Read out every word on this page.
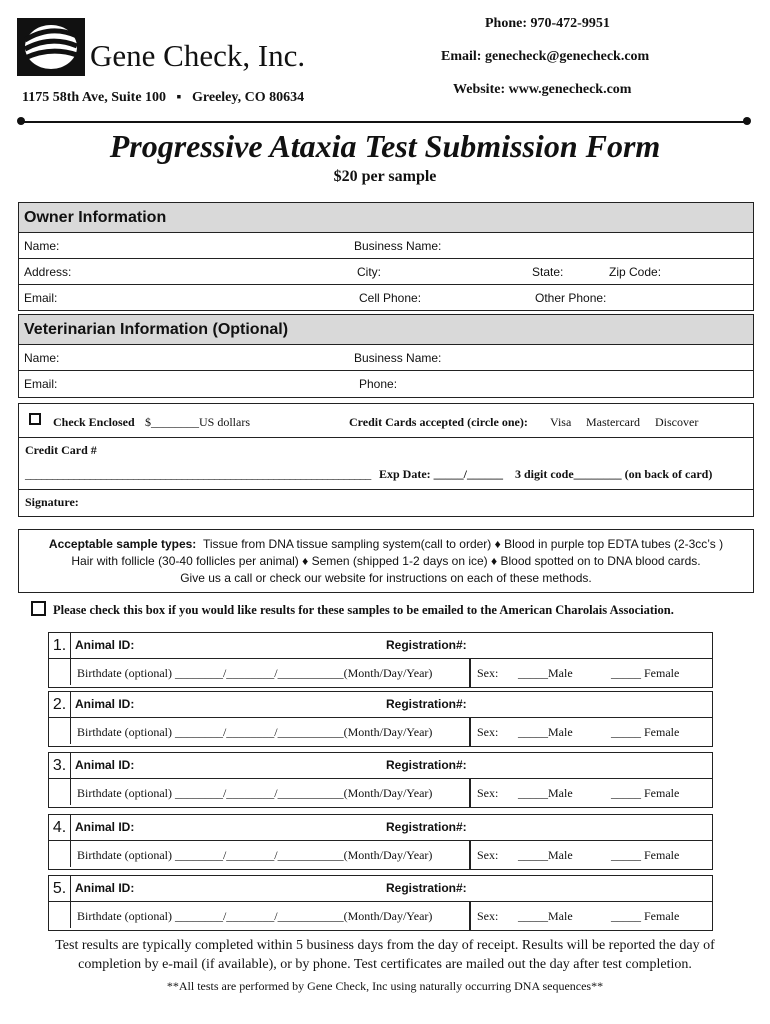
Gene Check, Inc.
1175 58th Ave, Suite 100 ▪ Greeley, CO 80634
Phone: 970-472-9951
Email: genecheck@genecheck.com
Website: www.genecheck.com
Progressive Ataxia Test Submission Form
$20 per sample
Owner Information
Name:	Business Name:
Address:	City:	State:	Zip Code:
Email:	Cell Phone:	Other Phone:
Veterinarian Information (Optional)
Name:	Business Name:
Email:	Phone:
Check Enclosed $________US dollars	Credit Cards accepted (circle one): Visa Mastercard Discover
Credit Card #
________________________________________________________________ Exp Date: _____/______ 3 digit code________ (on back of card)
Signature:
Acceptable sample types: Tissue from DNA tissue sampling system(call to order) ♦ Blood in purple top EDTA tubes (2-3cc’s )
Hair with follicle (30-40 follicles per animal) ♦ Semen (shipped 1-2 days on ice) ♦ Blood spotted on to DNA blood cards.
Give us a call or check our website for instructions on each of these methods.
Please check this box if you would like results for these samples to be emailed to the American Charolais Association.
1. Animal ID:	Registration#:
Birthdate (optional) ________/________/___________(Month/Day/Year)	Sex: _____Male	_____ Female
2. Animal ID:	Registration#:
Birthdate (optional) ________/________/___________(Month/Day/Year)	Sex: _____Male	_____ Female
3. Animal ID:	Registration#:
Birthdate (optional) ________/________/___________(Month/Day/Year)	Sex: _____Male	_____ Female
4. Animal ID:	Registration#:
Birthdate (optional) ________/________/___________(Month/Day/Year)	Sex: _____Male	_____ Female
5. Animal ID:	Registration#:
Birthdate (optional) ________/________/___________(Month/Day/Year)	Sex: _____Male	_____ Female
Test results are typically completed within 5 business days from the day of receipt. Results will be reported the day of
completion by e-mail (if available), or by phone. Test certificates are mailed out the day after test completion.
**All tests are performed by Gene Check, Inc using naturally occurring DNA sequences**
